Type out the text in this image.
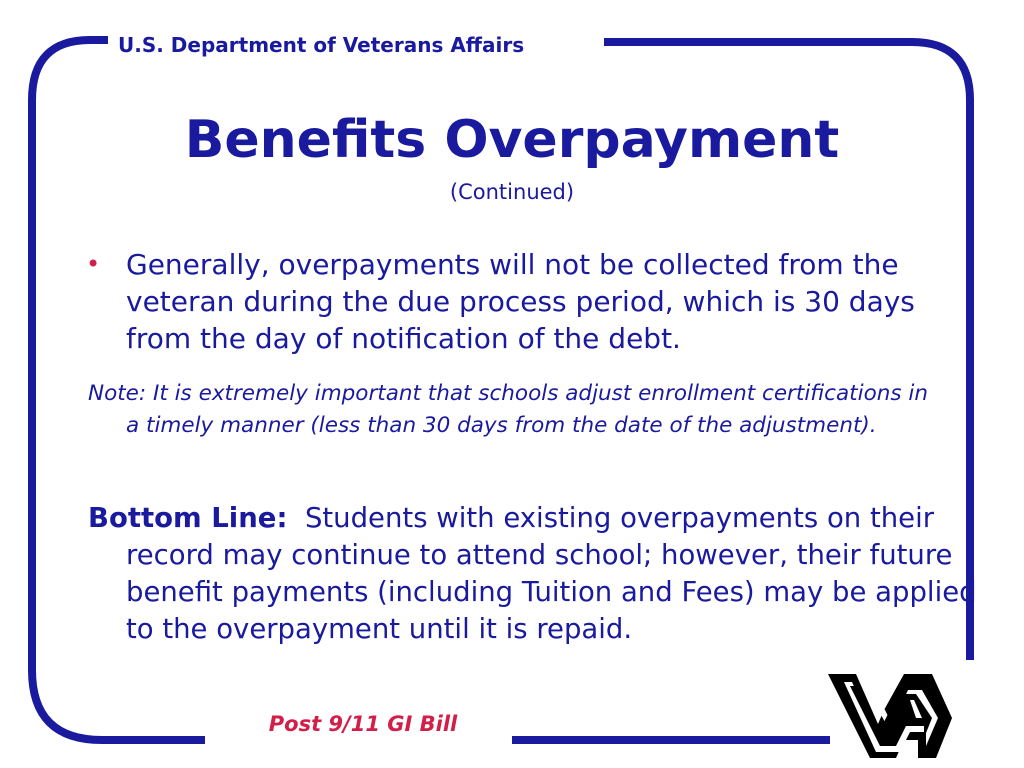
U.S. Department of Veterans Affairs
Benefits Overpayment
(Continued)
• Generally, overpayments will not be collected from the veteran during the due process period, which is 30 days from the day of notification of the debt.
Note: It is extremely important that schools adjust enrollment certifications in a timely manner (less than 30 days from the date of the adjustment).
Bottom Line: Students with existing overpayments on their record may continue to attend school; however, their future benefit payments (including Tuition and Fees) may be applied to the overpayment until it is repaid.
Post 9/11 GI Bill
